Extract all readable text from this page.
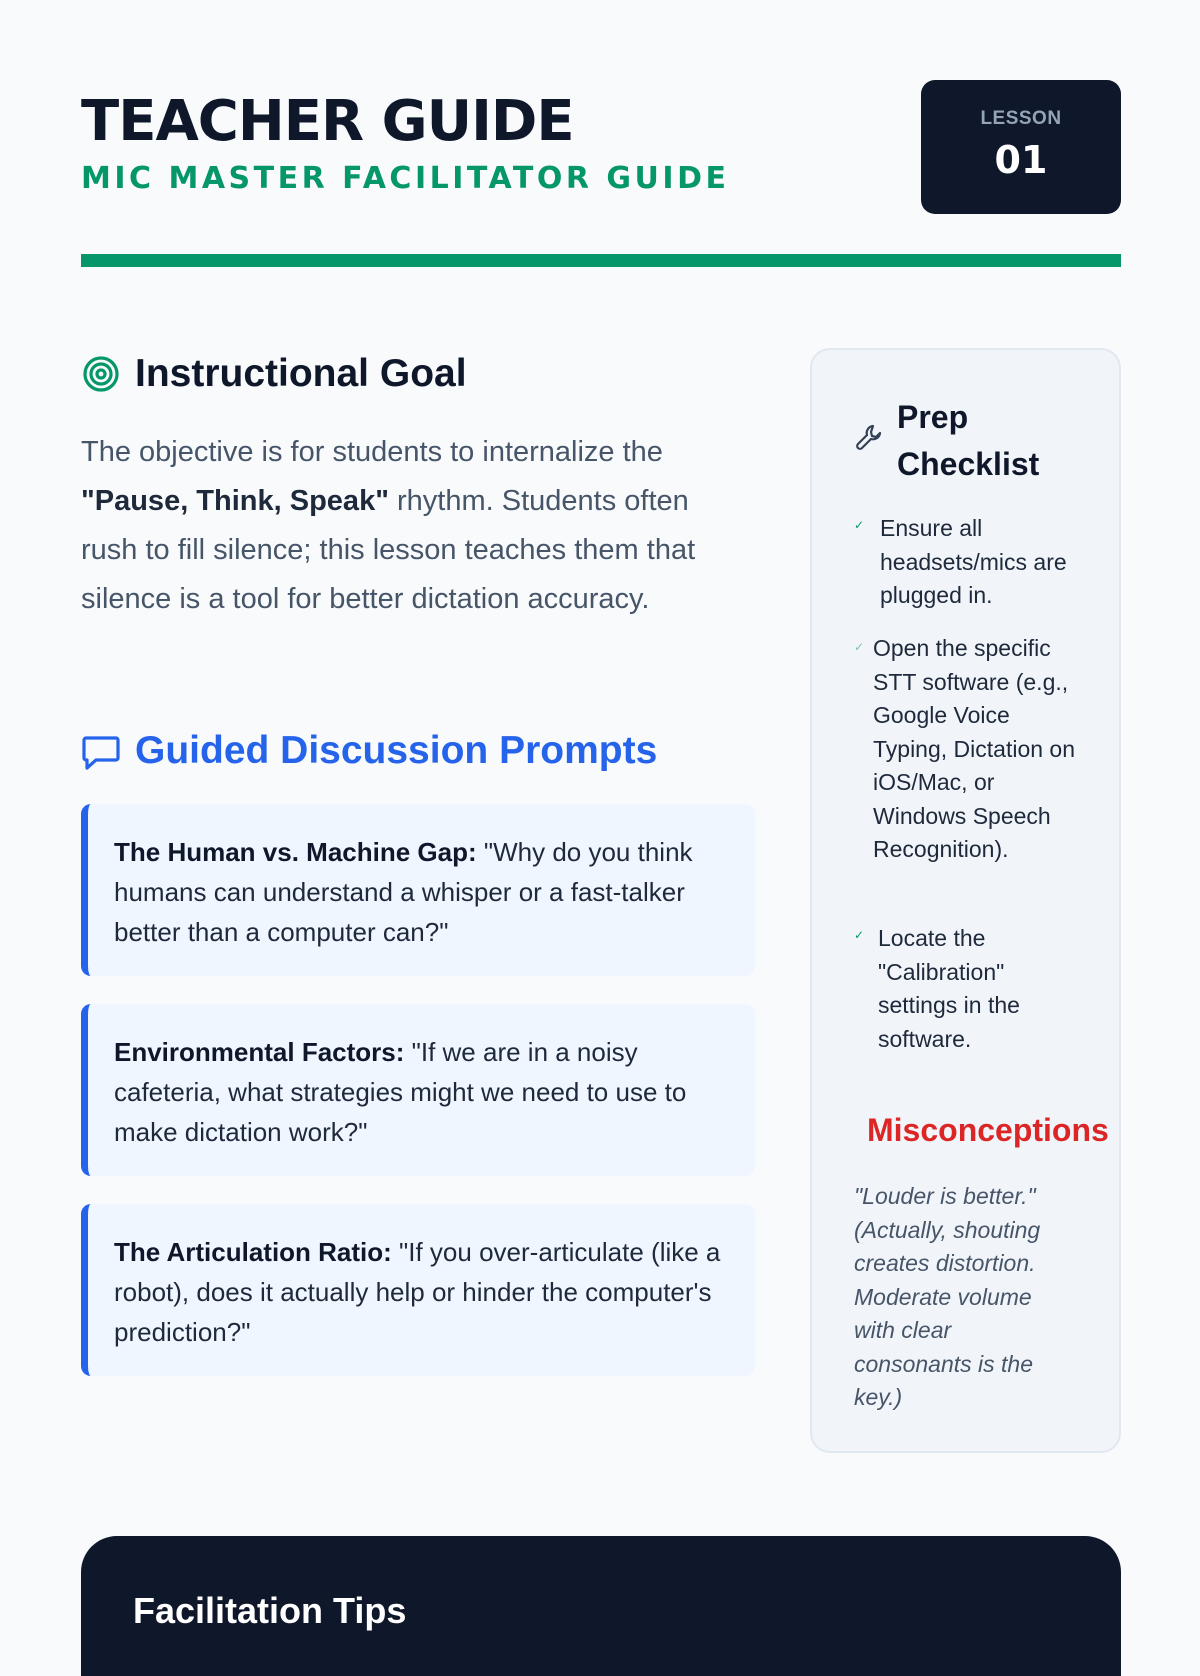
TEACHER GUIDE
MIC MASTER FACILITATOR GUIDE
LESSON
01
Instructional Goal

The objective is for students to internalize the "Pause, Think, Speak" rhythm. Students often rush to fill silence; this lesson teaches them that silence is a tool for better dictation accuracy.

Guided Discussion Prompts
The Human vs. Machine Gap: "Why do you think humans can understand a whisper or a fast-talker better than a computer can?"
Environmental Factors: "If we are in a noisy cafeteria, what strategies might we need to use to make dictation work?"
The Articulation Ratio: "If you over-articulate (like a robot), does it actually help or hinder the computer's prediction?"
Prep Checklist
✓ Ensure all headsets/mics are plugged in.
✓ Open the specific STT software (e.g., Google Voice Typing, Dictation on iOS/Mac, or Windows Speech Recognition).
✓ Locate the "Calibration" settings in the software.
Misconceptions
"Louder is better." (Actually, shouting creates distortion. Moderate volume with clear consonants is the key.)
Facilitation Tips
